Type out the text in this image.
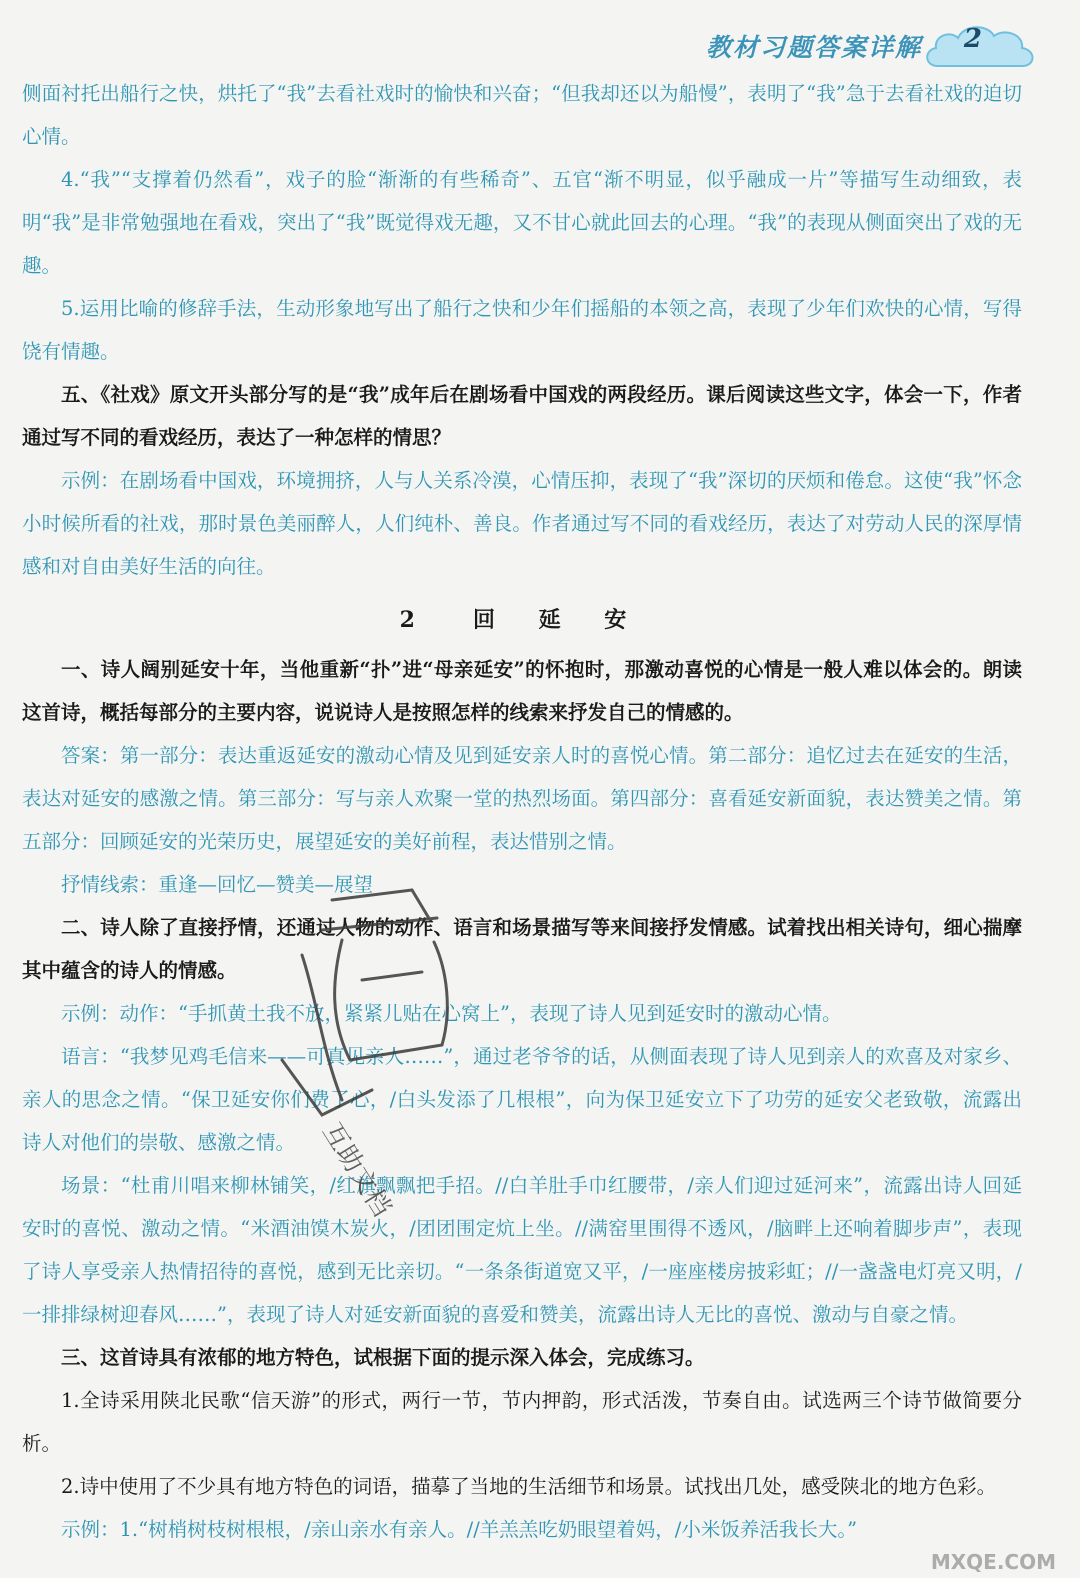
教材习题答案详解 2

侧面衬托出船行之快，烘托了“我”去看社戏时的愉快和兴奋；“但我却还以为船慢”，表明了“我”急于去看社戏的迫切心情。

4.“我”“支撑着仍然看”，戏子的脸“渐渐的有些稀奇”、五官“渐不明显，似乎融成一片”等描写生动细致，表明“我”是非常勉强地在看戏，突出了“我”既觉得戏无趣，又不甘心就此回去的心理。“我”的表现从侧面突出了戏的无趣。

5.运用比喻的修辞手法，生动形象地写出了船行之快和少年们摇船的本领之高，表现了少年们欢快的心情，写得饶有情趣。

五、《社戏》原文开头部分写的是“我”成年后在剧场看中国戏的两段经历。课后阅读这些文字，体会一下，作者通过写不同的看戏经历，表达了一种怎样的情思？

示例：在剧场看中国戏，环境拥挤，人与人关系冷漠，心情压抑，表现了“我”深切的厌烦和倦怠。这使“我”怀念小时候所看的社戏，那时景色美丽醉人，人们纯朴、善良。作者通过写不同的看戏经历，表达了对劳动人民的深厚情感和对自由美好生活的向往。

2　回 延 安

一、诗人阔别延安十年，当他重新“扑”进“母亲延安”的怀抱时，那激动喜悦的心情是一般人难以体会的。朗读这首诗，概括每部分的主要内容，说说诗人是按照怎样的线索来抒发自己的情感的。

答案：第一部分：表达重返延安的激动心情及见到延安亲人时的喜悦心情。第二部分：追忆过去在延安的生活，表达对延安的感激之情。第三部分：写与亲人欢聚一堂的热烈场面。第四部分：喜看延安新面貌，表达赞美之情。第五部分：回顾延安的光荣历史，展望延安的美好前程，表达惜别之情。

抒情线索：重逢—回忆—赞美—展望

二、诗人除了直接抒情，还通过人物的动作、语言和场景描写等来间接抒发情感。试着找出相关诗句，细心揣摩其中蕴含的诗人的情感。

示例：动作：“手抓黄土我不放，紧紧儿贴在心窝上”，表现了诗人见到延安时的激动心情。

语言：“我梦见鸡毛信来——可真见亲人……”，通过老爷爷的话，从侧面表现了诗人见到亲人的欢喜及对家乡、亲人的思念之情。“保卫延安你们费了心，/白头发添了几根根”，向为保卫延安立下了功劳的延安父老致敬，流露出诗人对他们的崇敬、感激之情。

场景：“杜甫川唱来柳林铺笑，/红旗飘飘把手招。//白羊肚手巾红腰带，/亲人们迎过延河来”，流露出诗人回延安时的喜悦、激动之情。“米酒油馍木炭火，/团团围定炕上坐。//满窑里围得不透风，/脑畔上还响着脚步声”，表现了诗人享受亲人热情招待的喜悦，感到无比亲切。“一条条街道宽又平，/一座座楼房披彩虹；//一盏盏电灯亮又明，/一排排绿树迎春风……”，表现了诗人对延安新面貌的喜爱和赞美，流露出诗人无比的喜悦、激动与自豪之情。

三、这首诗具有浓郁的地方特色，试根据下面的提示深入体会，完成练习。

1.全诗采用陕北民歌“信天游”的形式，两行一节，节内押韵，形式活泼，节奏自由。试选两三个诗节做简要分析。

2.诗中使用了不少具有地方特色的词语，描摹了当地的生活细节和场景。试找出几处，感受陕北的地方色彩。

示例：1.“树梢树枝树根根，/亲山亲水有亲人。//羊羔羔吃奶眼望着妈，/小米饭养活我长大。”

互助文档
MXQE.COM
